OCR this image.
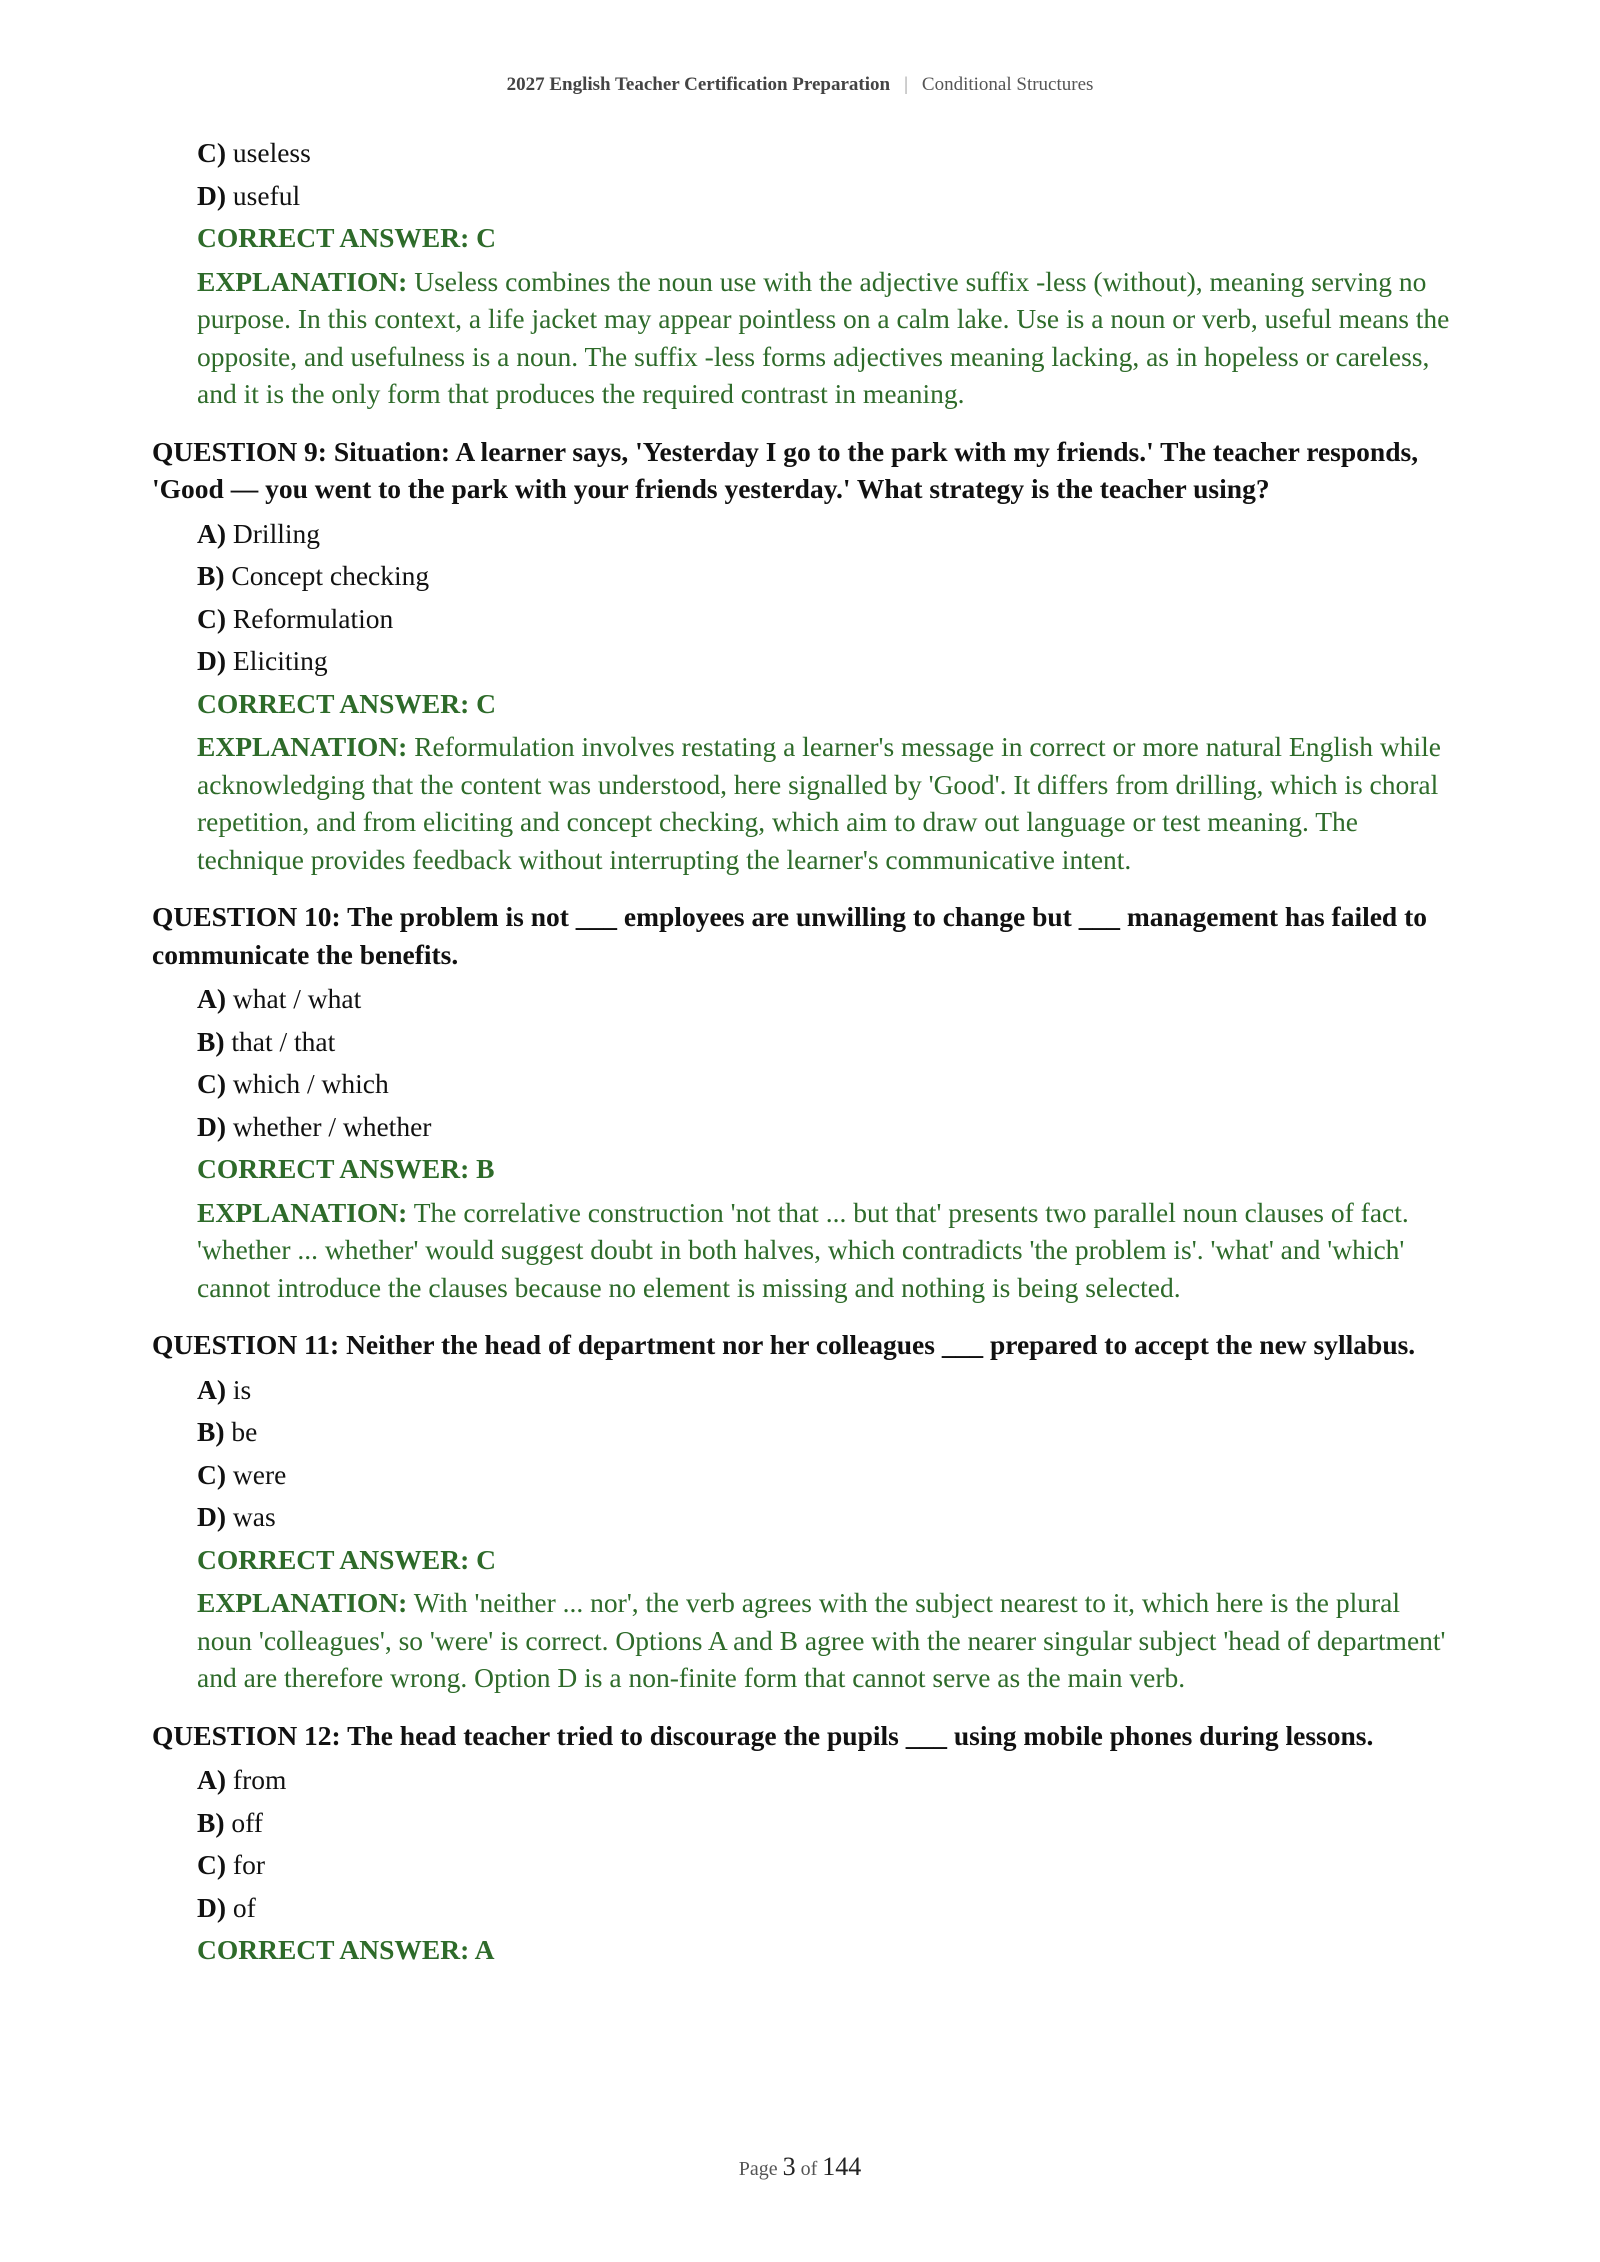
2027 English Teacher Certification Preparation | Conditional Structures
C) useless
D) useful
CORRECT ANSWER: C
EXPLANATION: Useless combines the noun use with the adjective suffix -less (without), meaning serving no purpose. In this context, a life jacket may appear pointless on a calm lake. Use is a noun or verb, useful means the opposite, and usefulness is a noun. The suffix -less forms adjectives meaning lacking, as in hopeless or careless, and it is the only form that produces the required contrast in meaning.
QUESTION 9: Situation: A learner says, 'Yesterday I go to the park with my friends.' The teacher responds, 'Good — you went to the park with your friends yesterday.' What strategy is the teacher using?
A) Drilling
B) Concept checking
C) Reformulation
D) Eliciting
CORRECT ANSWER: C
EXPLANATION: Reformulation involves restating a learner's message in correct or more natural English while acknowledging that the content was understood, here signalled by 'Good'. It differs from drilling, which is choral repetition, and from eliciting and concept checking, which aim to draw out language or test meaning. The technique provides feedback without interrupting the learner's communicative intent.
QUESTION 10: The problem is not ___ employees are unwilling to change but ___ management has failed to communicate the benefits.
A) what / what
B) that / that
C) which / which
D) whether / whether
CORRECT ANSWER: B
EXPLANATION: The correlative construction 'not that ... but that' presents two parallel noun clauses of fact. 'whether ... whether' would suggest doubt in both halves, which contradicts 'the problem is'. 'what' and 'which' cannot introduce the clauses because no element is missing and nothing is being selected.
QUESTION 11: Neither the head of department nor her colleagues ___ prepared to accept the new syllabus.
A) is
B) be
C) were
D) was
CORRECT ANSWER: C
EXPLANATION: With 'neither ... nor', the verb agrees with the subject nearest to it, which here is the plural noun 'colleagues', so 'were' is correct. Options A and B agree with the nearer singular subject 'head of department' and are therefore wrong. Option D is a non-finite form that cannot serve as the main verb.
QUESTION 12: The head teacher tried to discourage the pupils ___ using mobile phones during lessons.
A) from
B) off
C) for
D) of
CORRECT ANSWER: A
Page 3 of 144
